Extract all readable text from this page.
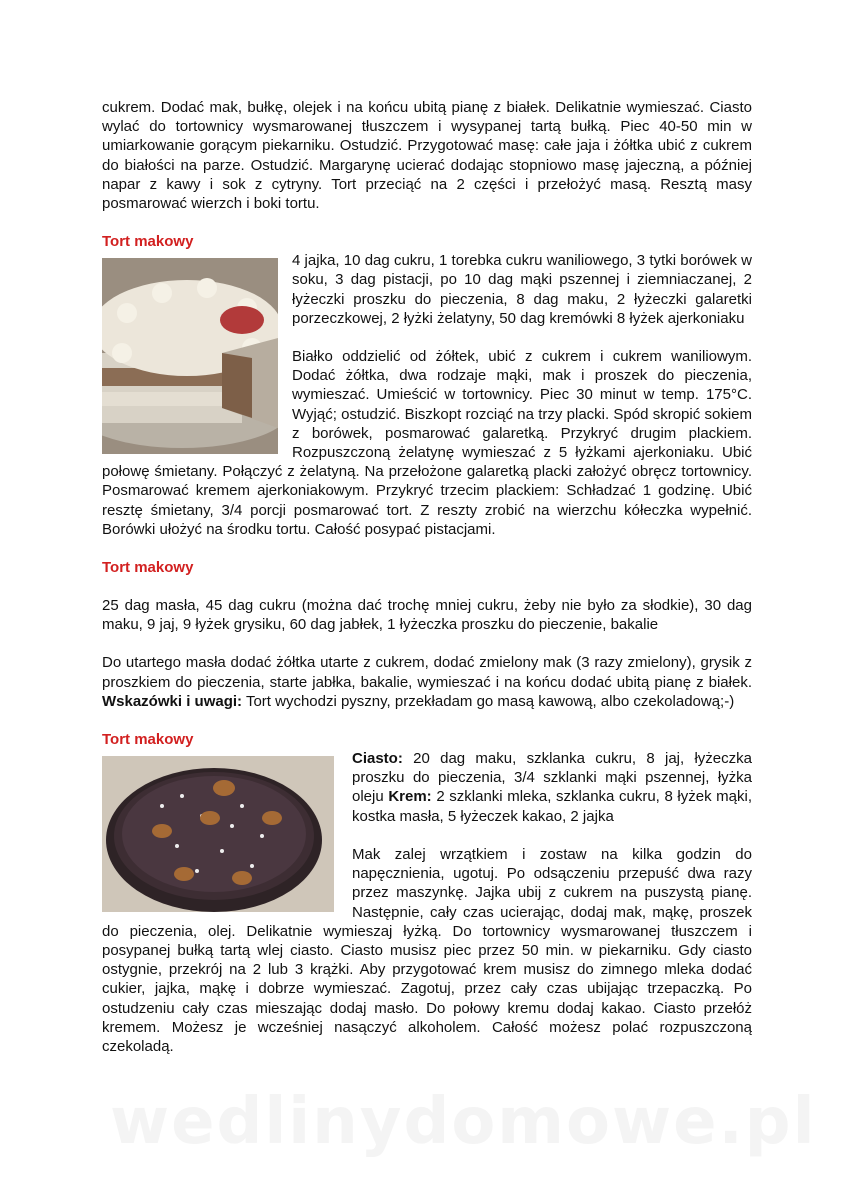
cukrem. Dodać mak, bułkę, olejek i na końcu ubitą pianę z białek. Delikatnie wymieszać. Ciasto wylać do tortownicy wysmarowanej tłuszczem i wysypanej tartą bułką. Piec 40-50 min w umiarkowanie gorącym piekarniku. Ostudzić. Przygotować masę: całe jaja i żółtka ubić z cukrem do białości na parze. Ostudzić. Margarynę ucierać dodając stopniowo masę jajeczną, a później napar z kawy i sok z cytryny. Tort przeciąć na 2 części i przełożyć masą. Resztą masy posmarować wierzch i boki tortu.

Tort makowy

4 jajka, 10 dag cukru, 1 torebka cukru waniliowego, 3 tytki borówek w soku, 3 dag pistacji, po 10 dag mąki pszennej i ziemniaczanej, 2 łyżeczki proszku do pieczenia, 8 dag maku, 2 łyżeczki galaretki porzeczkowej, 2 łyżki żelatyny, 50 dag kremówki 8 łyżek ajerkoniaku

Białko oddzielić od żółtek, ubić z cukrem i cukrem waniliowym. Dodać żółtka, dwa rodzaje mąki, mak i proszek do pieczenia, wymieszać. Umieścić w tortownicy. Piec 30 minut w temp. 175°C. Wyjąć; ostudzić. Biszkopt rozciąć na trzy placki. Spód skropić sokiem z borówek, posmarować galaretką. Przykryć drugim plackiem. Rozpuszczoną żelatynę wymieszać z 5 łyżkami ajerkoniaku. Ubić połowę śmietany. Połączyć z żelatyną. Na przełożone galaretką placki założyć obręcz tortownicy. Posmarować kremem ajerkoniakowym. Przykryć trzecim plackiem: Schładzać 1 godzinę. Ubić resztę śmietany, 3/4 porcji posmarować tort. Z reszty zrobić na wierzchu kółeczka wypełnić. Borówki ułożyć na środku tortu. Całość posypać pistacjami.

Tort makowy

25 dag masła, 45 dag cukru (można dać trochę mniej cukru, żeby nie było za słodkie), 30 dag maku, 9 jaj, 9 łyżek grysiku, 60 dag jabłek, 1 łyżeczka proszku do pieczenie, bakalie

Do utartego masła dodać żółtka utarte z cukrem, dodać zmielony mak (3 razy zmielony), grysik z proszkiem do pieczenia, starte jabłka, bakalie, wymieszać i na końcu dodać ubitą pianę z białek. Wskazówki i uwagi: Tort wychodzi pyszny, przekładam go masą kawową, albo czekoladową;-)

Tort makowy

Ciasto: 20 dag maku, szklanka cukru, 8 jaj, łyżeczka proszku do pieczenia, 3/4 szklanki mąki pszennej, łyżka oleju Krem: 2 szklanki mleka, szklanka cukru, 8 łyżek mąki, kostka masła, 5 łyżeczek kakao, 2 jajka

Mak zalej wrzątkiem i zostaw na kilka godzin do napęcznienia, ugotuj. Po odsączeniu przepuść dwa razy przez maszynkę. Jajka ubij z cukrem na puszystą pianę. Następnie, cały czas ucierając, dodaj mak, mąkę, proszek do pieczenia, olej. Delikatnie wymieszaj łyżką. Do tortownicy wysmarowanej tłuszczem i posypanej bułką tartą wlej ciasto. Ciasto musisz piec przez 50 min. w piekarniku. Gdy ciasto ostygnie, przekrój na 2 lub 3 krążki. Aby przygotować krem musisz do zimnego mleka dodać cukier, jajka, mąkę i dobrze wymieszać. Zagotuj, przez cały czas ubijając trzepaczką. Po ostudzeniu cały czas mieszając dodaj masło. Do połowy kremu dodaj kakao. Ciasto przełóż kremem. Możesz je wcześniej nasączyć alkoholem. Całość możesz polać rozpuszczoną czekoladą.

wedlinydomowe.pl
